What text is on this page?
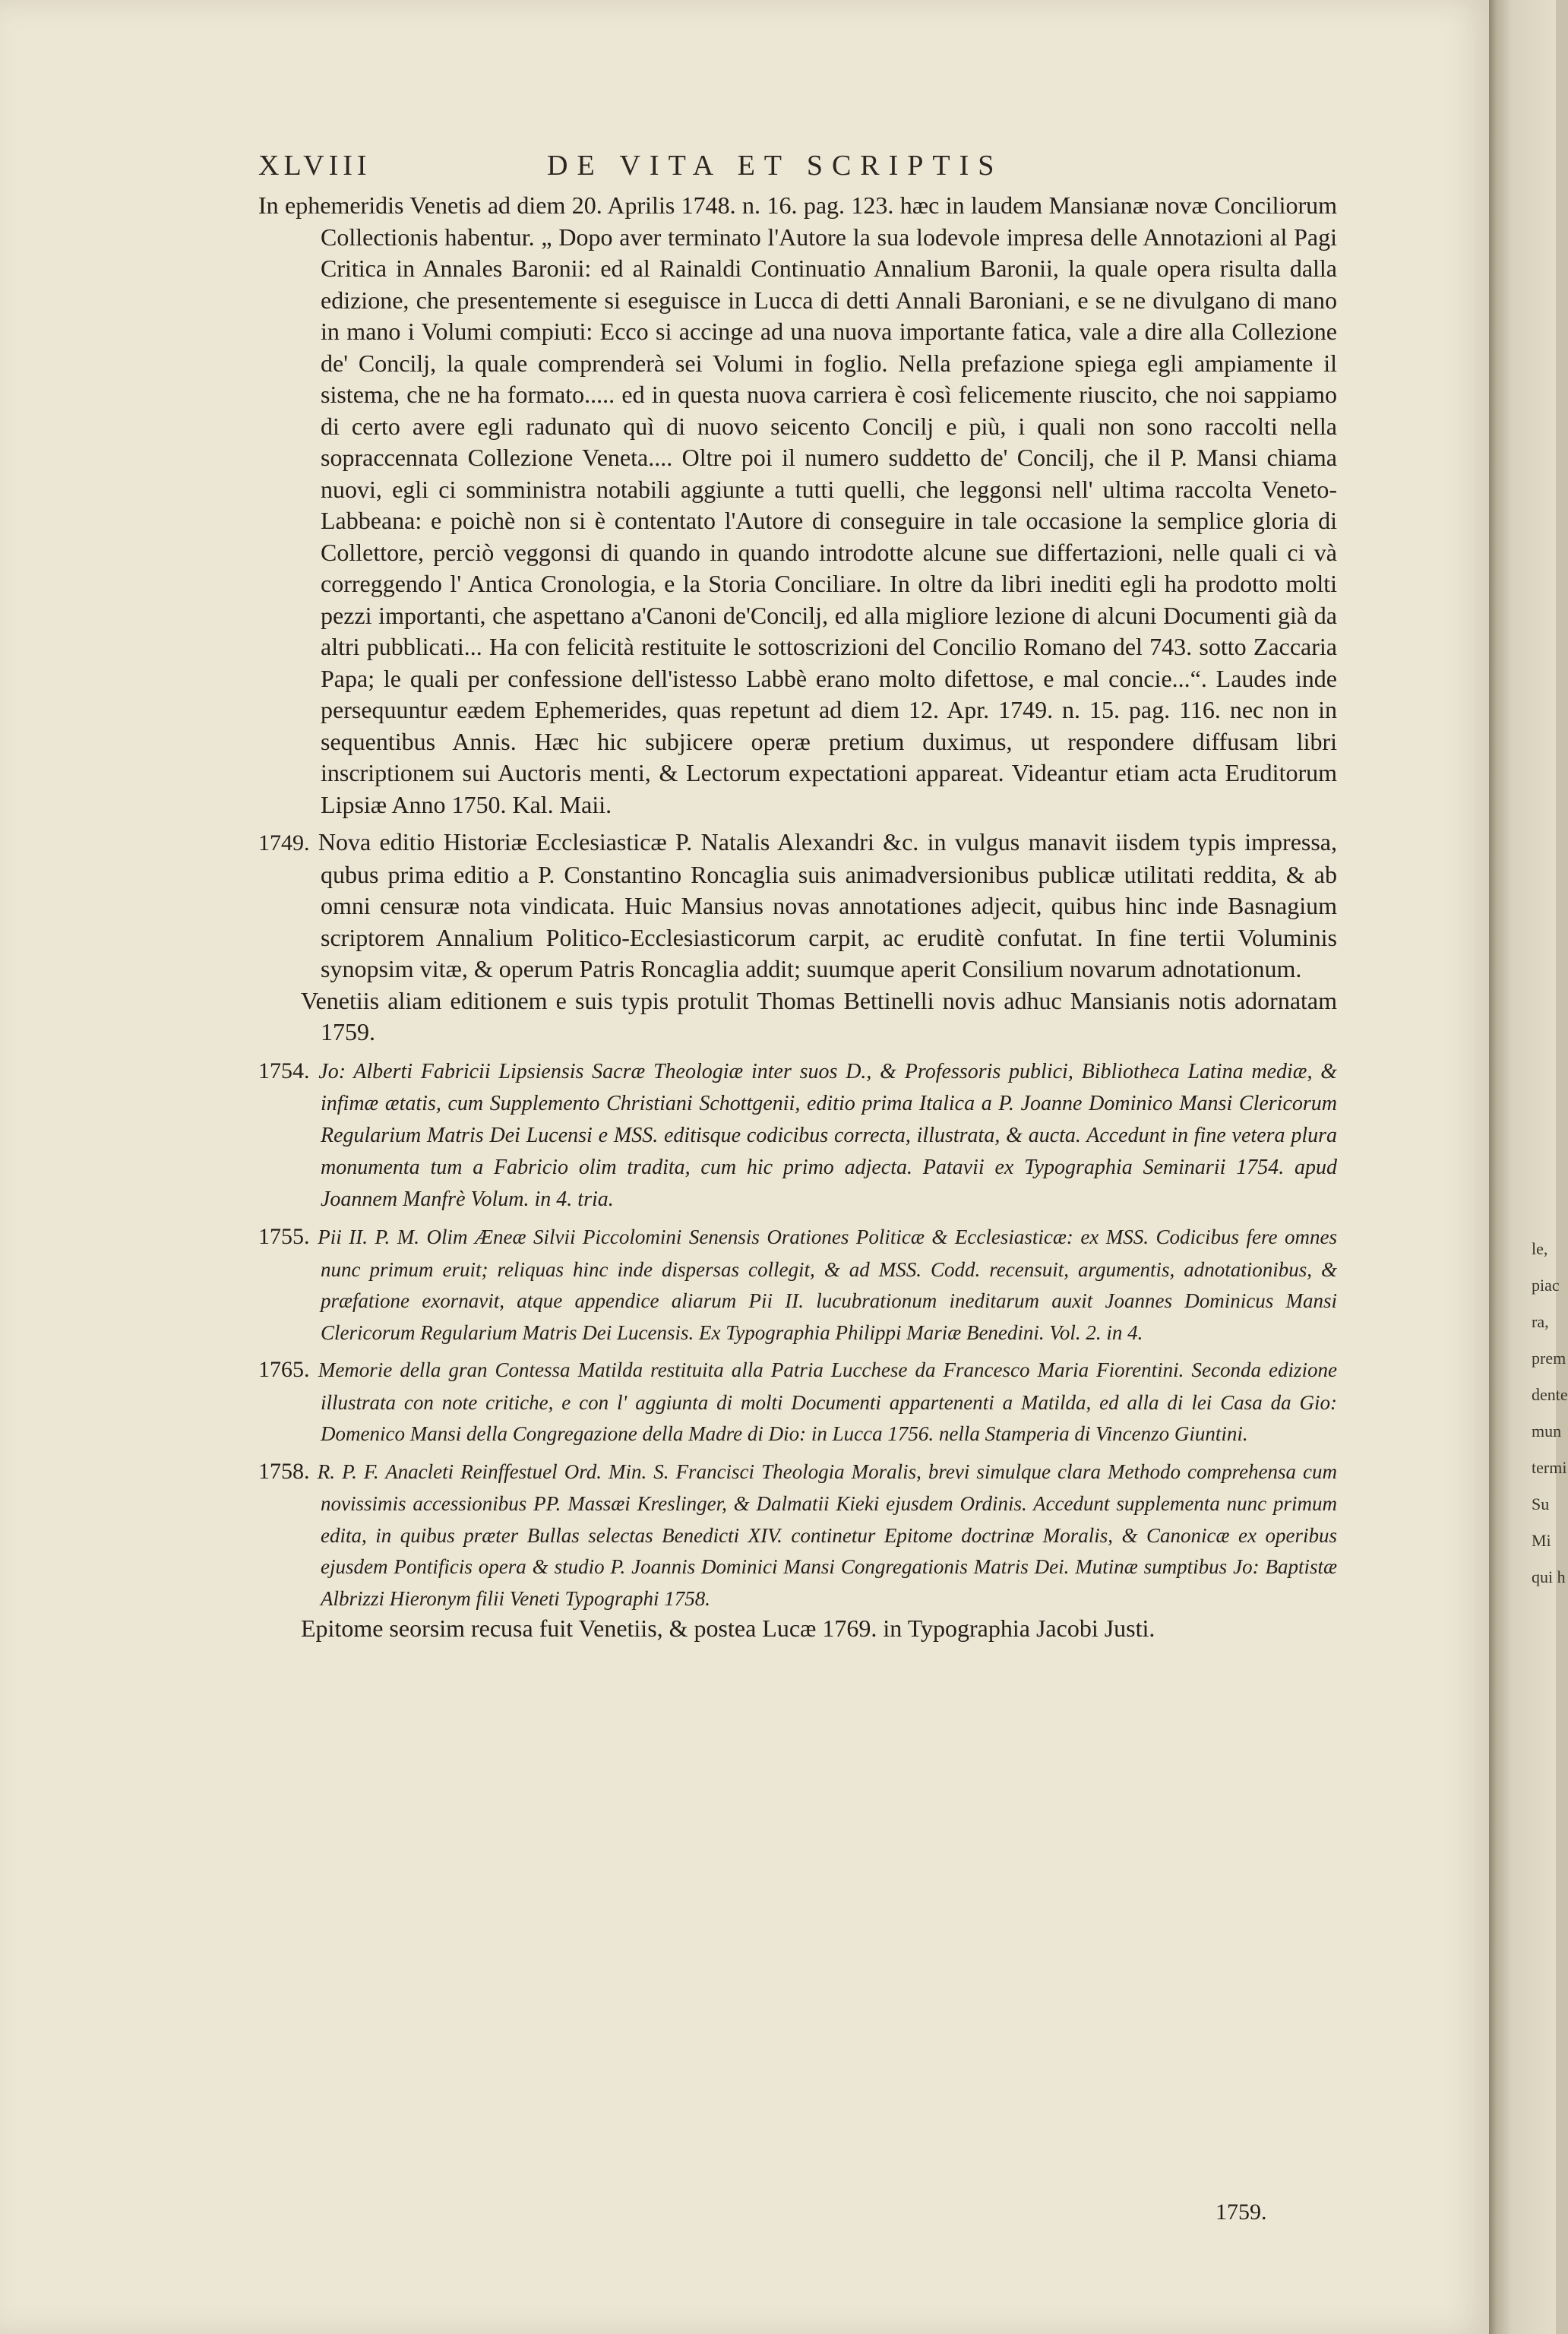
XLVIII	DE VITA ET SCRIPTIS

In ephemeridis Venetis ad diem 20. Aprilis 1748. n. 16. pag. 123. hæc in laudem Mansianæ novæ Conciliorum Collectionis habentur. „ Dopo aver terminato l'Autore la sua lodevole impresa delle Annotazioni al Pagi Critica in Annales Baronii: ed al Rainaldi Continuatio Annalium Baronii, la quale opera risulta dalla edizione, che presentemente si eseguisce in Lucca di detti Annali Baroniani, e se ne divulgano di mano in mano i Volumi compiuti: Ecco si accinge ad una nuova importante fatica, vale a dire alla Collezione de' Concilj, la quale comprenderà sei Volumi in foglio. Nella prefazione spiega egli ampiamente il sistema, che ne ha formato..... ed in questa nuova carriera è così felicemente riuscito, che noi sappiamo di certo avere egli radunato quì di nuovo seicento Concilj e più, i quali non sono raccolti nella sopraccennata Collezione Veneta.... Oltre poi il numero suddetto de' Concilj, che il P. Mansi chiama nuovi, egli ci somministra notabili aggiunte a tutti quelli, che leggonsi nell' ultima raccolta Veneto-Labbeana: e poichè non si è contentato l'Autore di conseguire in tale occasione la semplice gloria di Collettore, perciò veggonsi di quando in quando introdotte alcune sue differtazioni, nelle quali ci và correggendo l' Antica Cronologia, e la Storia Conciliare. In oltre da libri inediti egli ha prodotto molti pezzi importanti, che aspettano a'Canoni de'Concilj, ed alla migliore lezione di alcuni Documenti già da altri pubblicati... Ha con felicità restituite le sottoscrizioni del Concilio Romano del 743. sotto Zaccaria Papa; le quali per confessione dell'istesso Labbè erano molto difettose, e mal concie...“. Laudes inde persequuntur eædem Ephemerides, quas repetunt ad diem 12. Apr. 1749. n. 15. pag. 116. nec non in sequentibus Annis. Hæc hic subjicere operæ pretium duximus, ut respondere diffusam libri inscriptionem sui Auctoris menti, & Lectorum expectationi appareat. Videantur etiam acta Eruditorum Lipsiæ Anno 1750. Kal. Maii.

1749. Nova editio Historiæ Ecclesiasticæ P. Natalis Alexandri &c. in vulgus manavit iisdem typis impressa, qubus prima editio a P. Constantino Roncaglia suis animadversionibus publicæ utilitati reddita, & ab omni censuræ nota vindicata. Huic Mansius novas annotationes adjecit, quibus hinc inde Basnagium scriptorem Annalium Politico-Ecclesiasticorum carpit, ac eruditè confutat. In fine tertii Voluminis synopsim vitæ, & operum Patris Roncaglia addit; suumque aperit Consilium novarum adnotationum.

Venetiis aliam editionem e suis typis protulit Thomas Bettinelli novis adhuc Mansianis notis adornatam 1759.

1754. Jo: Alberti Fabricii Lipsiensis Sacræ Theologiæ inter suos D., & Professoris publici, Bibliotheca Latina mediæ, & infimæ ætatis, cum Supplemento Christiani Schottgenii, editio prima Italica a P. Joanne Dominico Mansi Clericorum Regularium Matris Dei Lucensi e MSS. editisque codicibus correcta, illustrata, & aucta. Accedunt in fine vetera plura monumenta tum a Fabricio olim tradita, cum hic primo adjecta. Patavii ex Typographia Seminarii 1754. apud Joannem Manfrè Volum. in 4. tria.

1755. Pii II. P. M. Olim Æneæ Silvii Piccolomini Senensis Orationes Politicæ & Ecclesiasticæ: ex MSS. Codicibus fere omnes nunc primum eruit; reliquas hinc inde dispersas collegit, & ad MSS. Codd. recensuit, argumentis, adnotationibus, & præfatione exornavit, atque appendice aliarum Pii II. lucubrationum ineditarum auxit Joannes Dominicus Mansi Clericorum Regularium Matris Dei Lucensis. Ex Typographia Philippi Mariæ Benedini. Vol. 2. in 4.

1765. Memorie della gran Contessa Matilda restituita alla Patria Lucchese da Francesco Maria Fiorentini. Seconda edizione illustrata con note critiche, e con l' aggiunta di molti Documenti appartenenti a Matilda, ed alla di lei Casa da Gio: Domenico Mansi della Congregazione della Madre di Dio: in Lucca 1756. nella Stamperia di Vincenzo Giuntini.

1758. R. P. F. Anacleti Reinffestuel Ord. Min. S. Francisci Theologia Moralis, brevi simulque clara Methodo comprehensa cum novissimis accessionibus PP. Massæi Kreslinger, & Dalmatii Kieki ejusdem Ordinis. Accedunt supplementa nunc primum edita, in quibus præter Bullas selectas Benedicti XIV. continetur Epitome doctrinæ Moralis, & Canonicæ ex operibus ejusdem Pontificis opera & studio P. Joannis Dominici Mansi Congregationis Matris Dei. Mutinæ sumptibus Jo: Baptistæ Albrizzi Hieronym filii Veneti Typographi 1758.

Epitome seorsim recusa fuit Venetiis, & postea Lucæ 1769. in Typographia Jacobi Justi.

1759.
le,
piac
ra,
prem
dente
mun
termi
Su
Mi
qui h
